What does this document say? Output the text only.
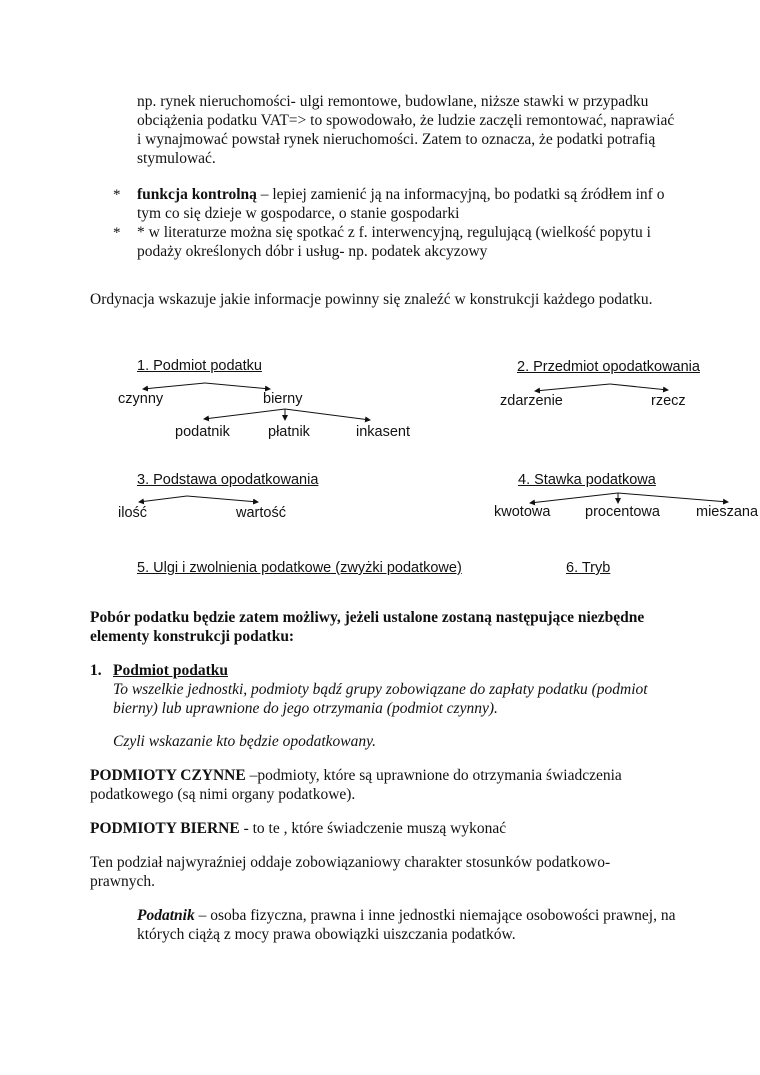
np. rynek nieruchomości- ulgi remontowe, budowlane, niższe stawki w przypadku obciążenia podatku VAT=> to spowodowało, że ludzie zaczęli remontować, naprawiać i wynajmować powstał rynek nieruchomości. Zatem to oznacza, że podatki potrafią stymulować.
* funkcja kontrolną – lepiej zamienić ją na informacyjną, bo podatki są źródłem inf o tym co się dzieje w gospodarce, o stanie gospodarki
* * w literaturze można się spotkać z f. interwencyjną, regulującą (wielkość popytu i podaży określonych dóbr i usług- np. podatek akcyzowy
Ordynacja wskazuje jakie informacje powinny się znaleźć w konstrukcji każdego podatku.
1. Podmiot podatku
czynny	bierny
podatnik	płatnik	inkasent
2. Przedmiot opodatkowania
zdarzenie	rzecz
3. Podstawa opodatkowania
ilość	wartość
4. Stawka podatkowa
kwotowa procentowa mieszana
5. Ulgi i zwolnienia podatkowe (zwyżki podatkowe)	6. Tryb
Pobór podatku będzie zatem możliwy, jeżeli ustalone zostaną następujące niezbędne elementy konstrukcji podatku:
1. Podmiot podatku
To wszelkie jednostki, podmioty bądź grupy zobowiązane do zapłaty podatku (podmiot bierny) lub uprawnione do jego otrzymania (podmiot czynny).
Czyli wskazanie kto będzie opodatkowany.
PODMIOTY CZYNNE –podmioty, które są uprawnione do otrzymania świadczenia podatkowego (są nimi organy podatkowe).
PODMIOTY BIERNE - to te , które świadczenie muszą wykonać
Ten podział najwyraźniej oddaje zobowiązaniowy charakter stosunków podatkowo-prawnych.
Podatnik – osoba fizyczna, prawna i inne jednostki niemające osobowości prawnej, na których ciążą z mocy prawa obowiązki uiszczania podatków.
